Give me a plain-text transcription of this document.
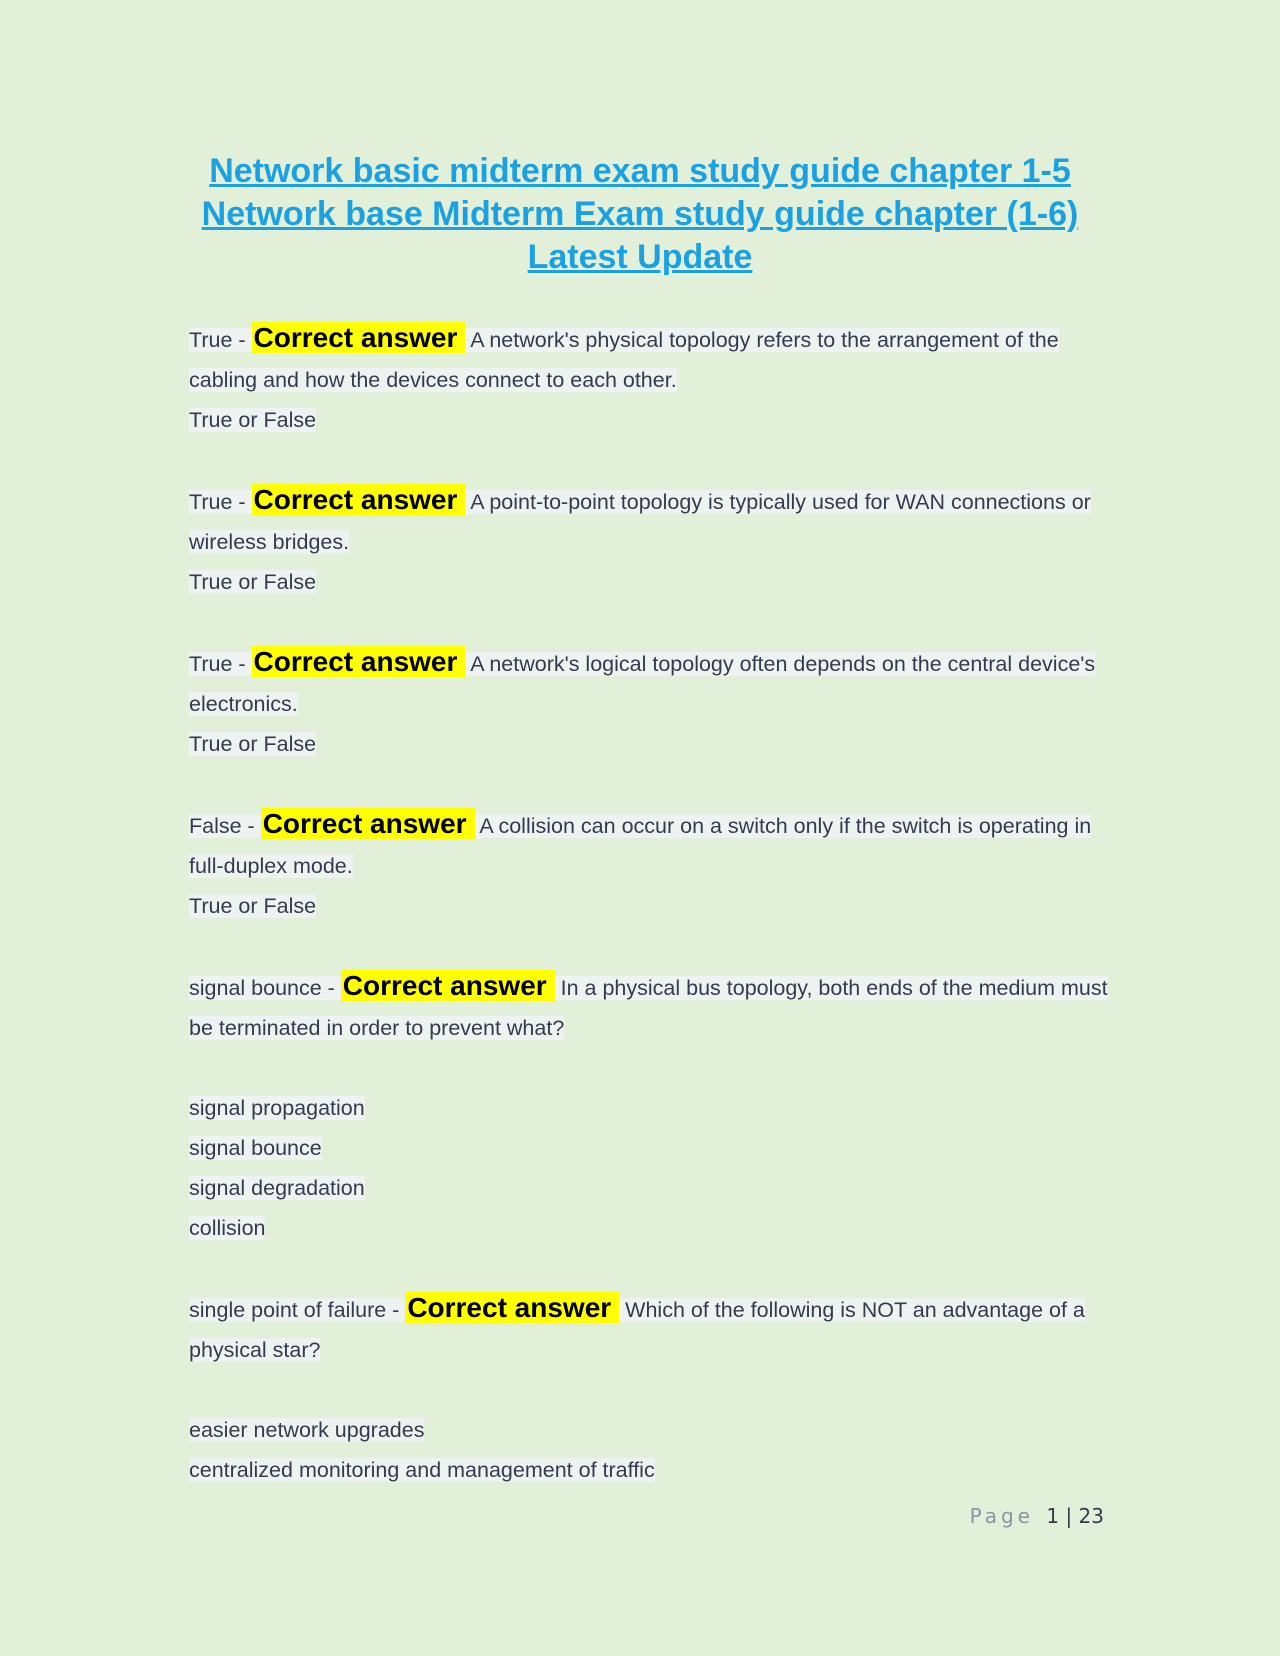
Network basic midterm exam study guide chapter 1-5
Network base Midterm Exam study guide chapter (1-6)
Latest Update
True - Correct answer A network's physical topology refers to the arrangement of the cabling and how the devices connect to each other.
True or False
True - Correct answer A point-to-point topology is typically used for WAN connections or wireless bridges.
True or False
True - Correct answer A network's logical topology often depends on the central device's electronics.
True or False
False - Correct answer A collision can occur on a switch only if the switch is operating in full-duplex mode.
True or False
signal bounce - Correct answer In a physical bus topology, both ends of the medium must be terminated in order to prevent what?
signal propagation
signal bounce
signal degradation
collision
single point of failure - Correct answer Which of the following is NOT an advantage of a physical star?
easier network upgrades
centralized monitoring and management of traffic
Page 1 | 23
